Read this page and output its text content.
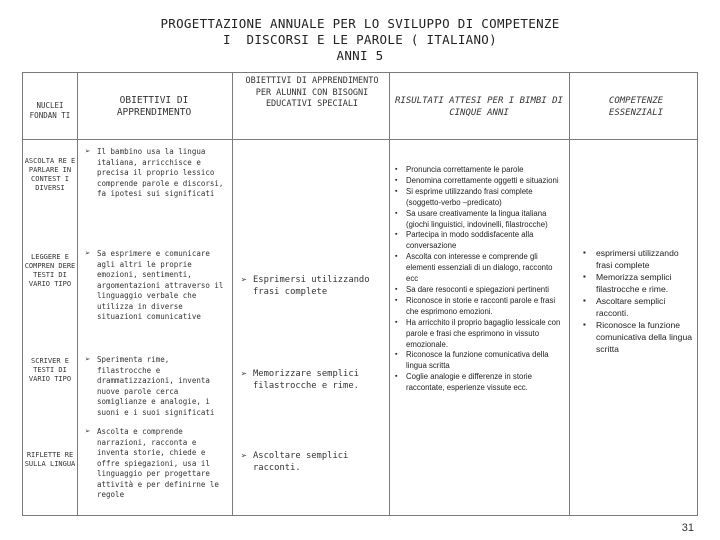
PROGETTAZIONE ANNUALE PER LO SVILUPPO DI COMPETENZE
I  DISCORSI E LE PAROLE ( ITALIANO)
ANNI 5
NUCLEI FONDAN TI
OBIETTIVI DI APPRENDIMENTO
OBIETTIVI DI APPRENDIMENTO PER ALUNNI CON BISOGNI EDUCATIVI SPECIALI	RISULTATI ATTESI PER I BIMBI DI CINQUE ANNI
COMPETENZE ESSENZIALI
ASCOLTA RE E PARLARE IN CONTEST I DIVERSI
LEGGERE E COMPREN DERE TESTI DI VARIO TIPO
SCRIVER E TESTI DI VARIO TIPO
RIFLETTE RE SULLA LINGUA
➢ Il bambino usa la lingua italiana, arricchisce e precisa il proprio lessico comprende parole e discorsi, fa ipotesi sui significati
➢ Sa esprimere e comunicare agli altri le proprie emozioni, sentimenti, argomentazioni attraverso il linguaggio verbale che utilizza in diverse situazioni comunicative
➢ Sperimenta rime, filastrocche e drammatizzazioni, inventa nuove parole cerca somiglianze e analogie, i suoni e i suoi significati
➢ Ascolta e comprende narrazioni, racconta e inventa storie, chiede e offre spiegazioni, usa il linguaggio per progettare attività e per definirne le regole
➢ Esprimersi utilizzando frasi complete
➢ Memorizzare semplici filastrocche e rime.
➢ Ascoltare semplici racconti.
▪ Pronuncia correttamente le parole
▪ Denomina correttamente oggetti e situazioni
▪ Si esprime utilizzando frasi complete (soggetto-verbo –predicato)
▪ Sa usare creativamente la lingua italiana (giochi linguistici, indovinelli, filastrocche)
▪ Partecipa in modo soddisfacente alla conversazione
▪ Ascolta con interesse e comprende gli elementi essenziali di un dialogo, racconto ecc
▪ Sa dare resoconti e spiegazioni pertinenti
▪ Riconosce in storie e racconti parole e frasi che esprimono emozioni.
▪ Ha arricchito il proprio bagaglio lessicale con parole e frasi che esprimono in vissuto emozionale.
▪ Riconosce la funzione comunicativa della lingua scritta
▪ Coglie analogie e differenze in storie raccontate, esperienze vissute ecc.
▪ esprimersi utilizzando frasi complete
▪ Memorizza semplici filastrocche e rime.
▪ Ascoltare semplici racconti.
▪ Riconosce la funzione comunicativa della lingua scritta
31
